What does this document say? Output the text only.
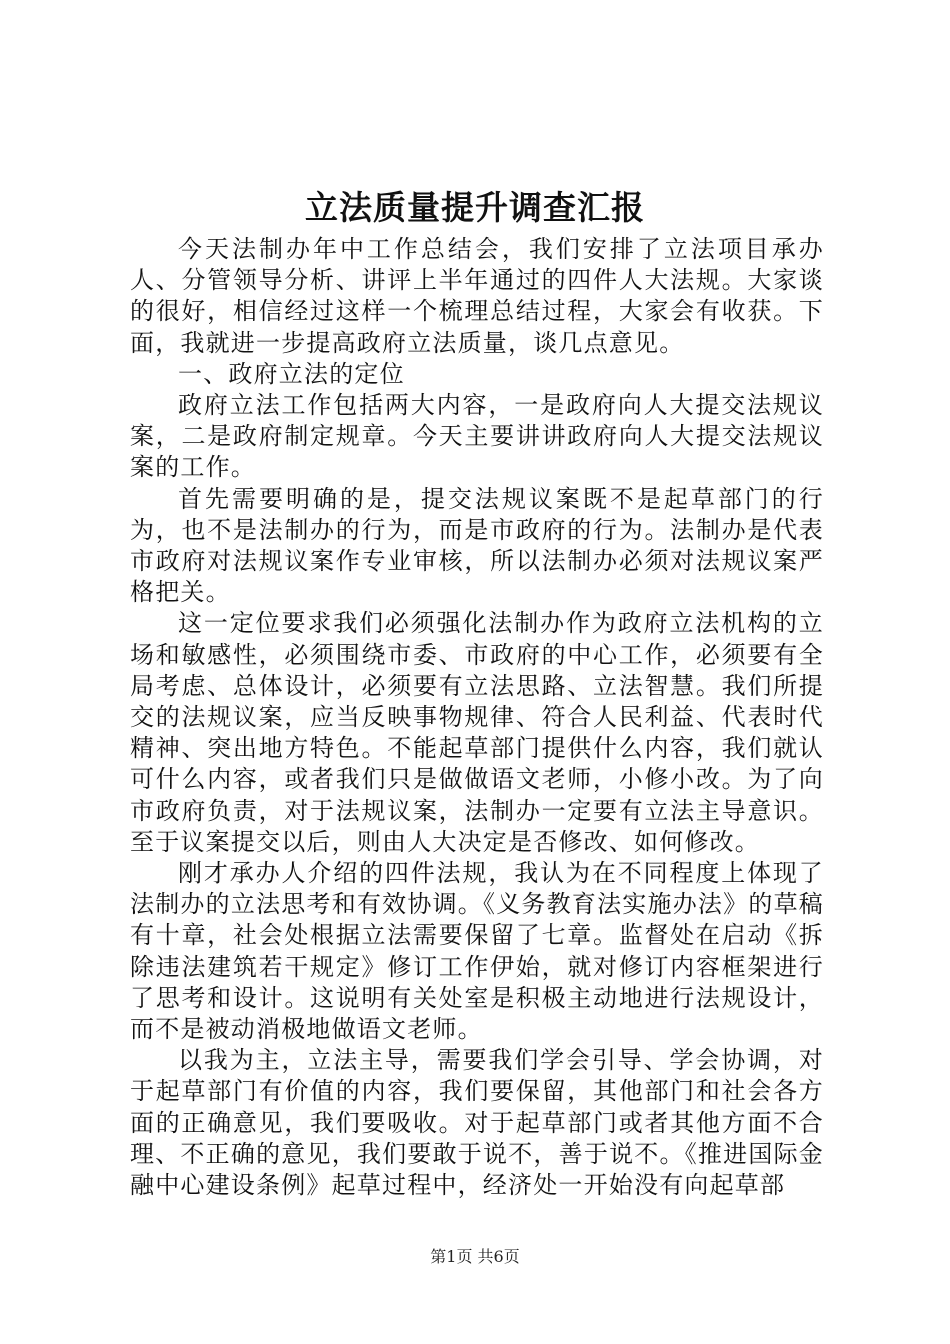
立法质量提升调查汇报

今天法制办年中工作总结会，我们安排了立法项目承办人、分管领导分析、讲评上半年通过的四件人大法规。大家谈的很好，相信经过这样一个梳理总结过程，大家会有收获。下面，我就进一步提高政府立法质量，谈几点意见。

一、政府立法的定位

政府立法工作包括两大内容，一是政府向人大提交法规议案，二是政府制定规章。今天主要讲讲政府向人大提交法规议案的工作。

首先需要明确的是，提交法规议案既不是起草部门的行为，也不是法制办的行为，而是市政府的行为。法制办是代表市政府对法规议案作专业审核，所以法制办必须对法规议案严格把关。

这一定位要求我们必须强化法制办作为政府立法机构的立场和敏感性，必须围绕市委、市政府的中心工作，必须要有全局考虑、总体设计，必须要有立法思路、立法智慧。我们所提交的法规议案，应当反映事物规律、符合人民利益、代表时代精神、突出地方特色。不能起草部门提供什么内容，我们就认可什么内容，或者我们只是做做语文老师，小修小改。为了向市政府负责，对于法规议案，法制办一定要有立法主导意识。至于议案提交以后，则由人大决定是否修改、如何修改。

刚才承办人介绍的四件法规，我认为在不同程度上体现了法制办的立法思考和有效协调。《义务教育法实施办法》的草稿有十章，社会处根据立法需要保留了七章。监督处在启动《拆除违法建筑若干规定》修订工作伊始，就对修订内容框架进行了思考和设计。这说明有关处室是积极主动地进行法规设计，而不是被动消极地做语文老师。

以我为主，立法主导，需要我们学会引导、学会协调，对于起草部门有价值的内容，我们要保留，其他部门和社会各方面的正确意见，我们要吸收。对于起草部门或者其他方面不合理、不正确的意见，我们要敢于说不，善于说不。《推进国际金融中心建设条例》起草过程中，经济处一开始没有向起草部

第1页 共6页
